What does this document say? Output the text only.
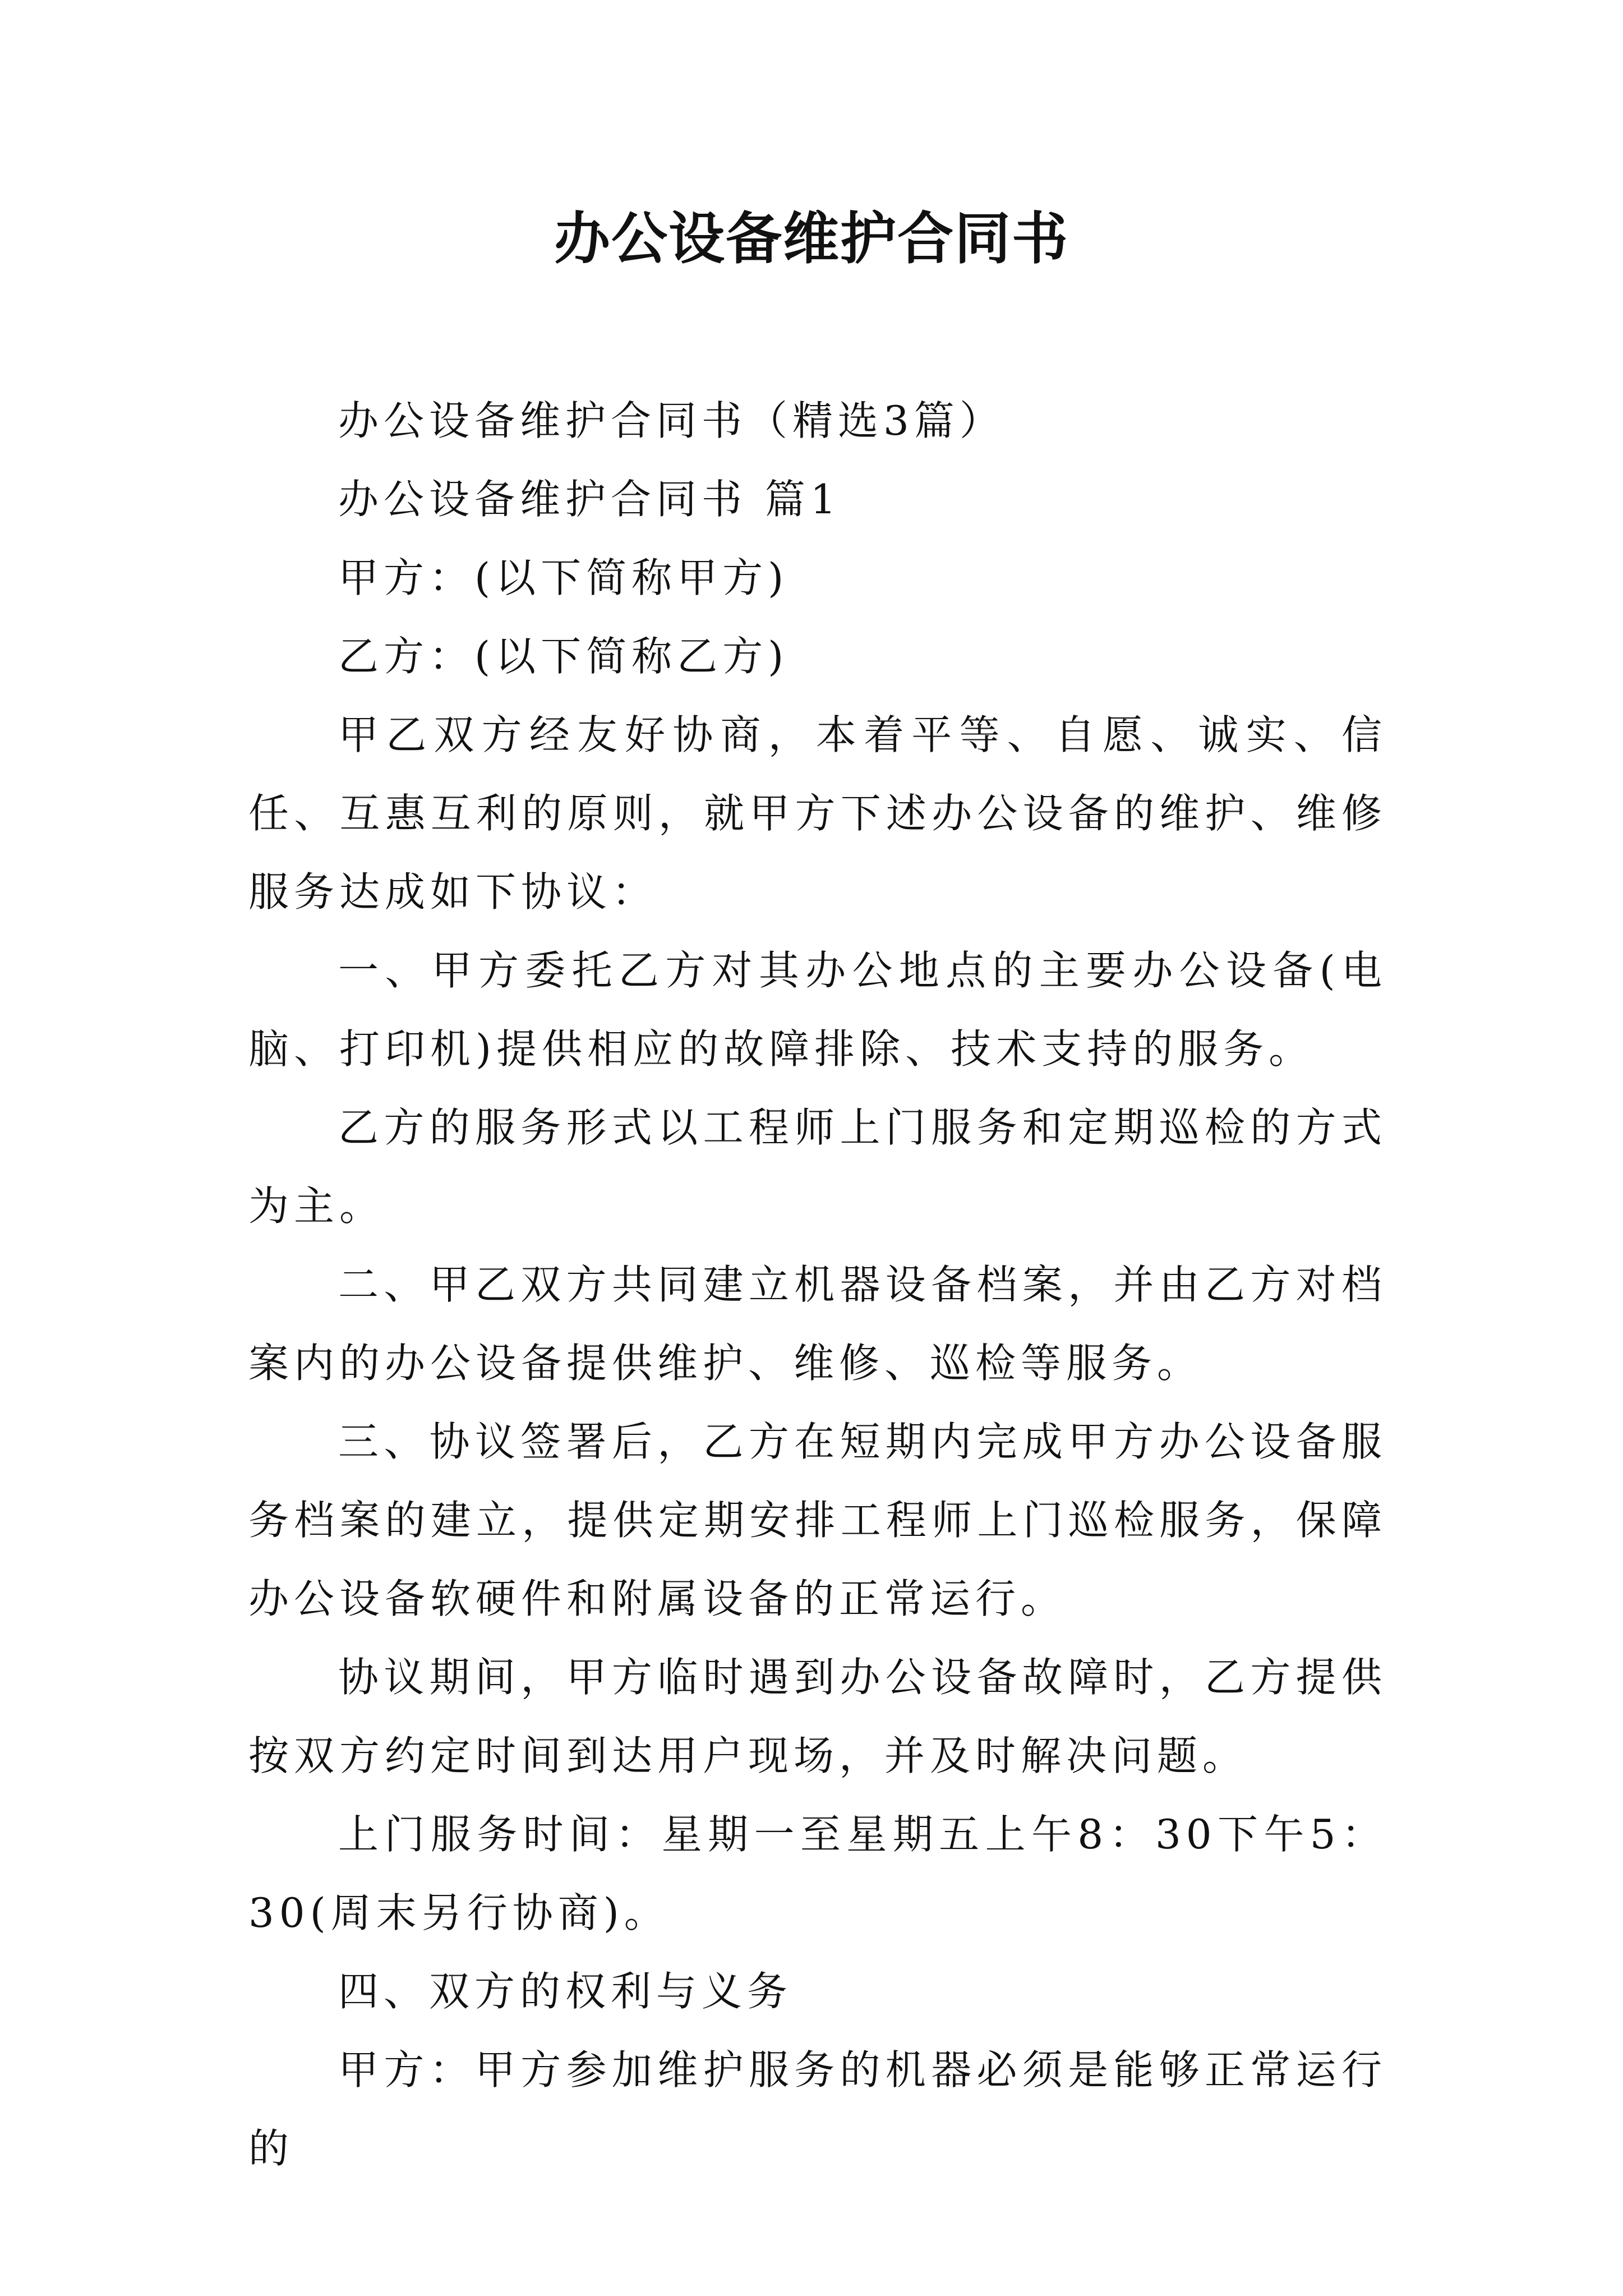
办公设备维护合同书

办公设备维护合同书（精选3篇）

办公设备维护合同书 篇1

甲方：(以下简称甲方)

乙方：(以下简称乙方)

甲乙双方经友好协商，本着平等、自愿、诚实、信任、互惠互利的原则，就甲方下述办公设备的维护、维修服务达成如下协议：

一、甲方委托乙方对其办公地点的主要办公设备(电脑、打印机)提供相应的故障排除、技术支持的服务。

乙方的服务形式以工程师上门服务和定期巡检的方式为主。

二、甲乙双方共同建立机器设备档案，并由乙方对档案内的办公设备提供维护、维修、巡检等服务。

三、协议签署后，乙方在短期内完成甲方办公设备服务档案的建立，提供定期安排工程师上门巡检服务，保障办公设备软硬件和附属设备的正常运行。

协议期间，甲方临时遇到办公设备故障时，乙方提供按双方约定时间到达用户现场，并及时解决问题。

上门服务时间：星期一至星期五上午8：30下午5：30(周末另行协商)。

四、双方的权利与义务

甲方：甲方参加维护服务的机器必须是能够正常运行的
